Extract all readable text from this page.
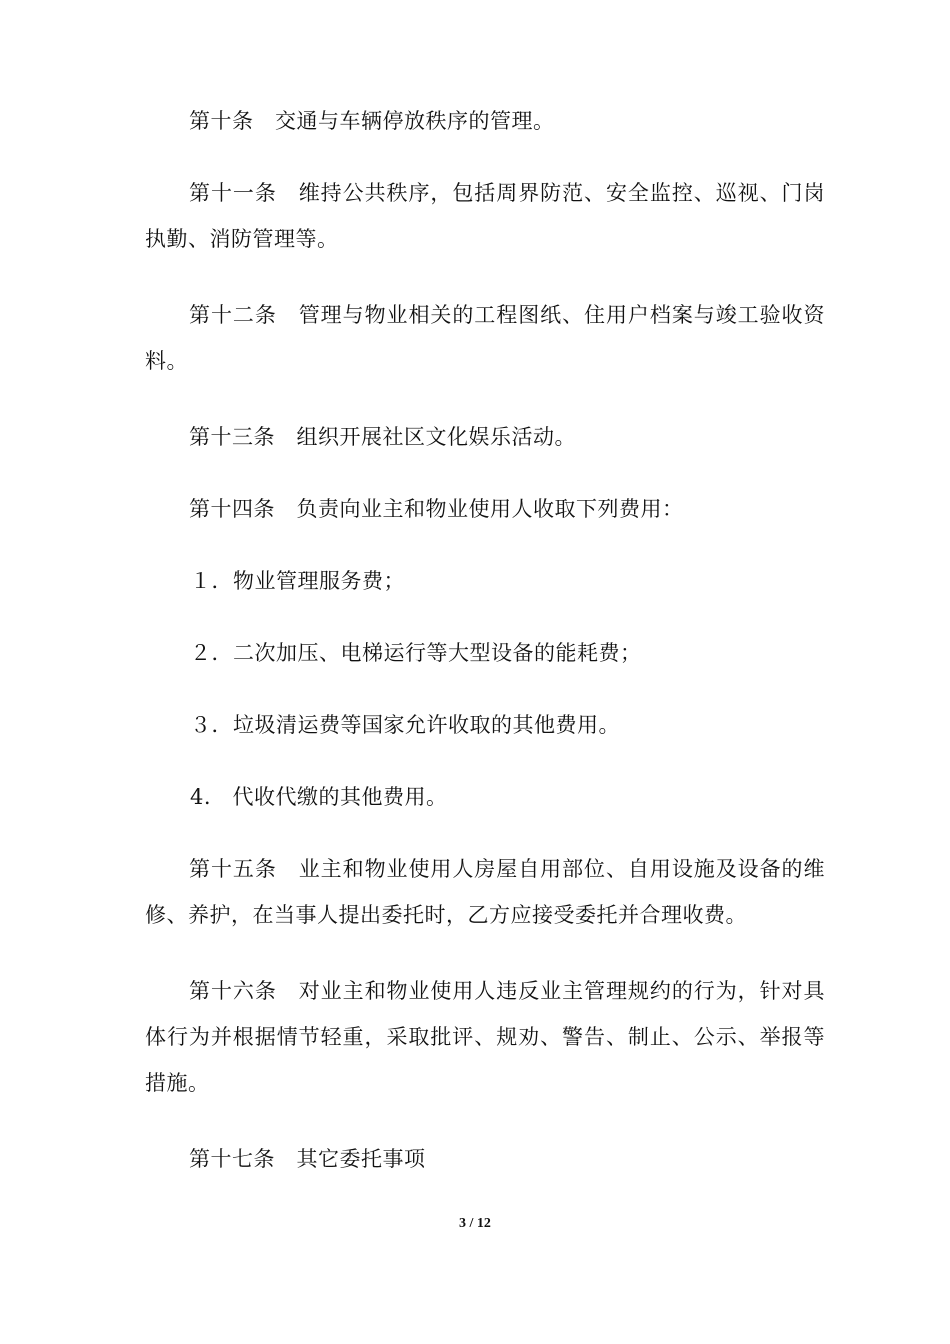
第十条　交通与车辆停放秩序的管理。

第十一条　维持公共秩序，包括周界防范、安全监控、巡视、门岗执勤、消防管理等。

第十二条　管理与物业相关的工程图纸、住用户档案与竣工验收资料。

第十三条　组织开展社区文化娱乐活动。

第十四条　负责向业主和物业使用人收取下列费用：

１．物业管理服务费；

２．二次加压、电梯运行等大型设备的能耗费；

３．垃圾清运费等国家允许收取的其他费用。

4.　代收代缴的其他费用。

第十五条　业主和物业使用人房屋自用部位、自用设施及设备的维修、养护，在当事人提出委托时，乙方应接受委托并合理收费。

第十六条　对业主和物业使用人违反业主管理规约的行为，针对具体行为并根据情节轻重，采取批评、规劝、警告、制止、公示、举报等措施。

第十七条　其它委托事项

3 / 12
